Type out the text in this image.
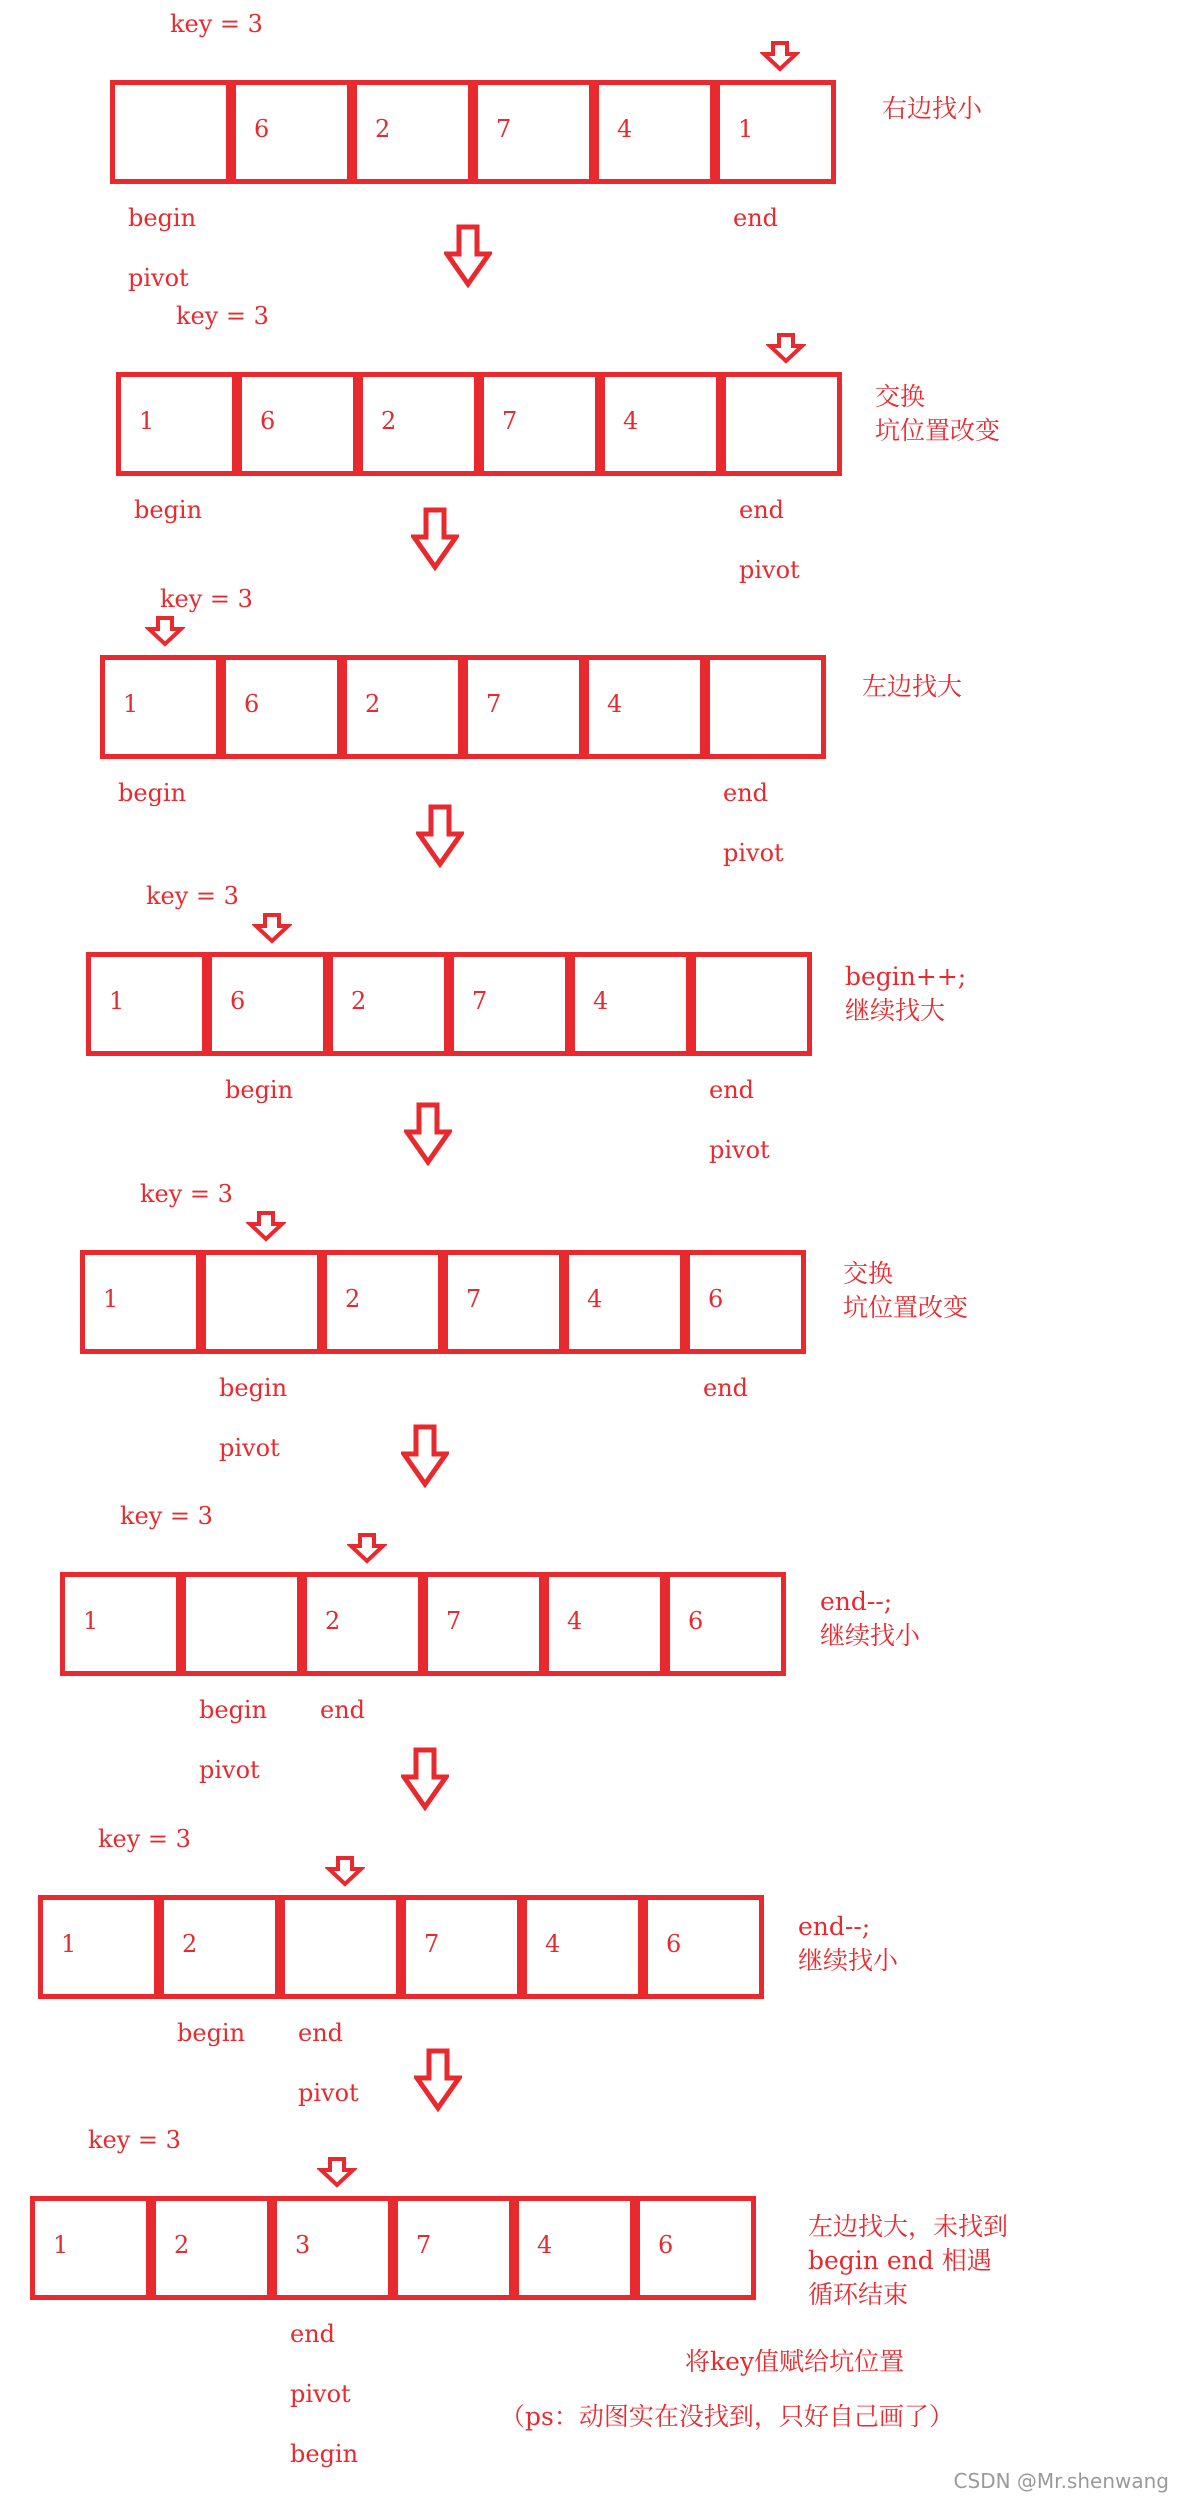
key = 3
6	2	7	4	1
begin
pivot
end
右边找小
key = 3
1	6	2	7	4
begin	end
pivot
交换
坑位置改变
key = 3
1	6	2	7	4
begin	end
pivot
左边找大
key = 3
1	6	2	7	4
begin	end
pivot
begin++;
继续找大
key = 3
1	2	7	4	6
begin
pivot
end
交换
坑位置改变
key = 3
1	2	7	4	6
begin
pivot
end
end--;
继续找小
key = 3
1	2	7	4	6
begin end
pivot
end--;
继续找小
key = 3
1	2	3	7	4	6
end
pivot
begin
左边找大，未找到
begin end 相遇
循环结束
将key值赋给坑位置
（ps：动图实在没找到，只好自己画了）
CSDN @Mr.shenwang
